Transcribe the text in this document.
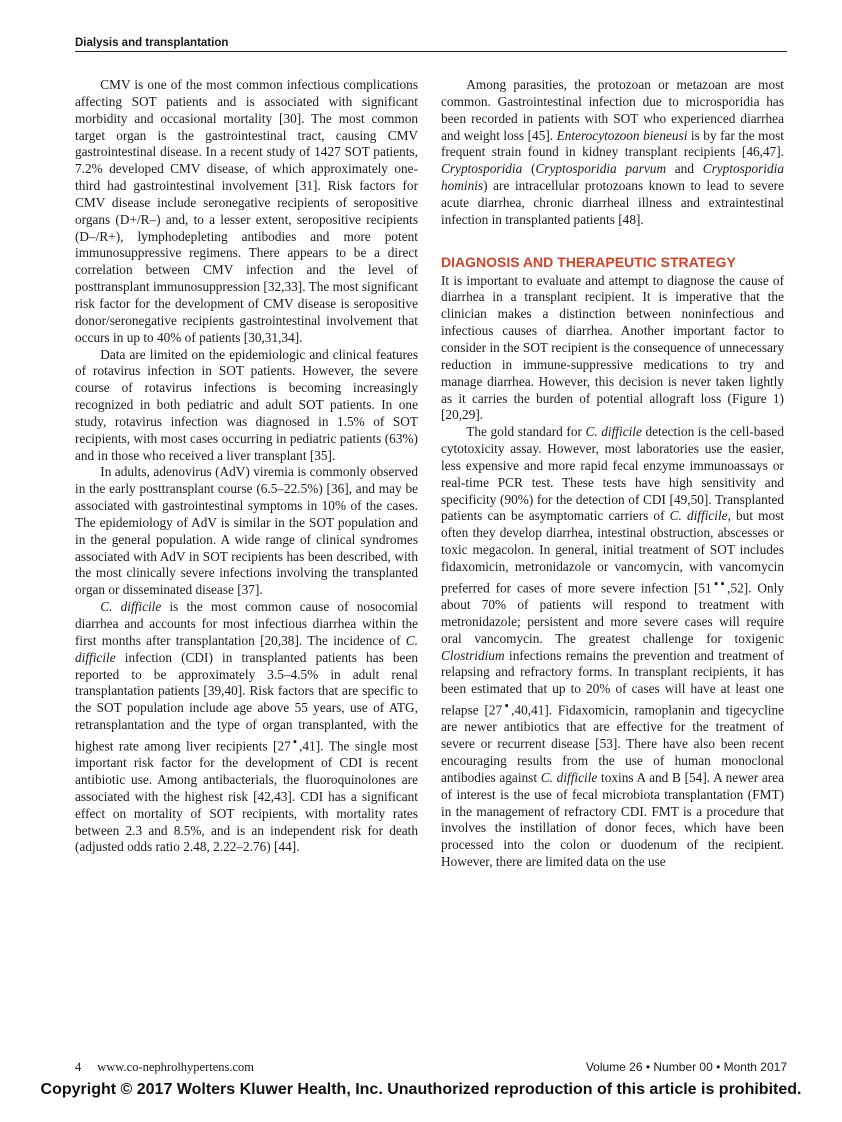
Dialysis and transplantation

CMV is one of the most common infectious complications affecting SOT patients and is associated with significant morbidity and occasional mortality [30]. The most common target organ is the gastrointestinal tract, causing CMV gastrointestinal disease. In a recent study of 1427 SOT patients, 7.2% developed CMV disease, of which approximately one-third had gastrointestinal involvement [31]. Risk factors for CMV disease include seronegative recipients of seropositive organs (D+/R–) and, to a lesser extent, seropositive recipients (D–/R+), lymphodepleting antibodies and more potent immunosuppressive regimens. There appears to be a direct correlation between CMV infection and the level of posttransplant immunosuppression [32,33]. The most significant risk factor for the development of CMV disease is seropositive donor/seronegative recipients gastrointestinal involvement that occurs in up to 40% of patients [30,31,34].

Data are limited on the epidemiologic and clinical features of rotavirus infection in SOT patients. However, the severe course of rotavirus infections is becoming increasingly recognized in both pediatric and adult SOT patients. In one study, rotavirus infection was diagnosed in 1.5% of SOT recipients, with most cases occurring in pediatric patients (63%) and in those who received a liver transplant [35].

In adults, adenovirus (AdV) viremia is commonly observed in the early posttransplant course (6.5–22.5%) [36], and may be associated with gastrointestinal symptoms in 10% of the cases. The epidemiology of AdV is similar in the SOT population and in the general population. A wide range of clinical syndromes associated with AdV in SOT recipients has been described, with the most clinically severe infections involving the transplanted organ or disseminated disease [37].

C. difficile is the most common cause of nosocomial diarrhea and accounts for most infectious diarrhea within the first months after transplantation [20,38]. The incidence of C. difficile infection (CDI) in transplanted patients has been reported to be approximately 3.5–4.5% in adult renal transplantation patients [39,40]. Risk factors that are specific to the SOT population include age above 55 years, use of ATG, retransplantation and the type of organ transplanted, with the highest rate among liver recipients [27▪,41]. The single most important risk factor for the development of CDI is recent antibiotic use. Among antibacterials, the fluoroquinolones are associated with the highest risk [42,43]. CDI has a significant effect on mortality of SOT recipients, with mortality rates between 2.3 and 8.5%, and is an independent risk for death (adjusted odds ratio 2.48, 2.22–2.76) [44].

Among parasities, the protozoan or metazoan are most common. Gastrointestinal infection due to microsporidia has been recorded in patients with SOT who experienced diarrhea and weight loss [45]. Enterocytozoon bieneusi is by far the most frequent strain found in kidney transplant recipients [46,47]. Cryptosporidia (Cryptosporidia parvum and Cryptosporidia hominis) are intracellular protozoans known to lead to severe acute diarrhea, chronic diarrheal illness and extraintestinal infection in transplanted patients [48].

DIAGNOSIS AND THERAPEUTIC STRATEGY

It is important to evaluate and attempt to diagnose the cause of diarrhea in a transplant recipient. It is imperative that the clinician makes a distinction between noninfectious and infectious causes of diarrhea. Another important factor to consider in the SOT recipient is the consequence of unnecessary reduction in immune-suppressive medications to try and manage diarrhea. However, this decision is never taken lightly as it carries the burden of potential allograft loss (Figure 1) [20,29].

The gold standard for C. difficile detection is the cell-based cytotoxicity assay. However, most laboratories use the easier, less expensive and more rapid fecal enzyme immunoassays or real-time PCR test. These tests have high sensitivity and specificity (90%) for the detection of CDI [49,50]. Transplanted patients can be asymptomatic carriers of C. difficile, but most often they develop diarrhea, intestinal obstruction, abscesses or toxic megacolon. In general, initial treatment of SOT includes fidaxomicin, metronidazole or vancomycin, with vancomycin preferred for cases of more severe infection [51▪▪,52]. Only about 70% of patients will respond to treatment with metronidazole; persistent and more severe cases will require oral vancomycin. The greatest challenge for toxigenic Clostridium infections remains the prevention and treatment of relapsing and refractory forms. In transplant recipients, it has been estimated that up to 20% of cases will have at least one relapse [27▪,40,41]. Fidaxomicin, ramoplanin and tigecycline are newer antibiotics that are effective for the treatment of severe or recurrent disease [53]. There have also been recent encouraging results from the use of human monoclonal antibodies against C. difficile toxins A and B [54]. A newer area of interest is the use of fecal microbiota transplantation (FMT) in the management of refractory CDI. FMT is a procedure that involves the instillation of donor feces, which have been processed into the colon or duodenum of the recipient. However, there are limited data on the use

4 www.co-nephrolhypertens.com	Volume 26 • Number 00 • Month 2017
Copyright © 2017 Wolters Kluwer Health, Inc. Unauthorized reproduction of this article is prohibited.
